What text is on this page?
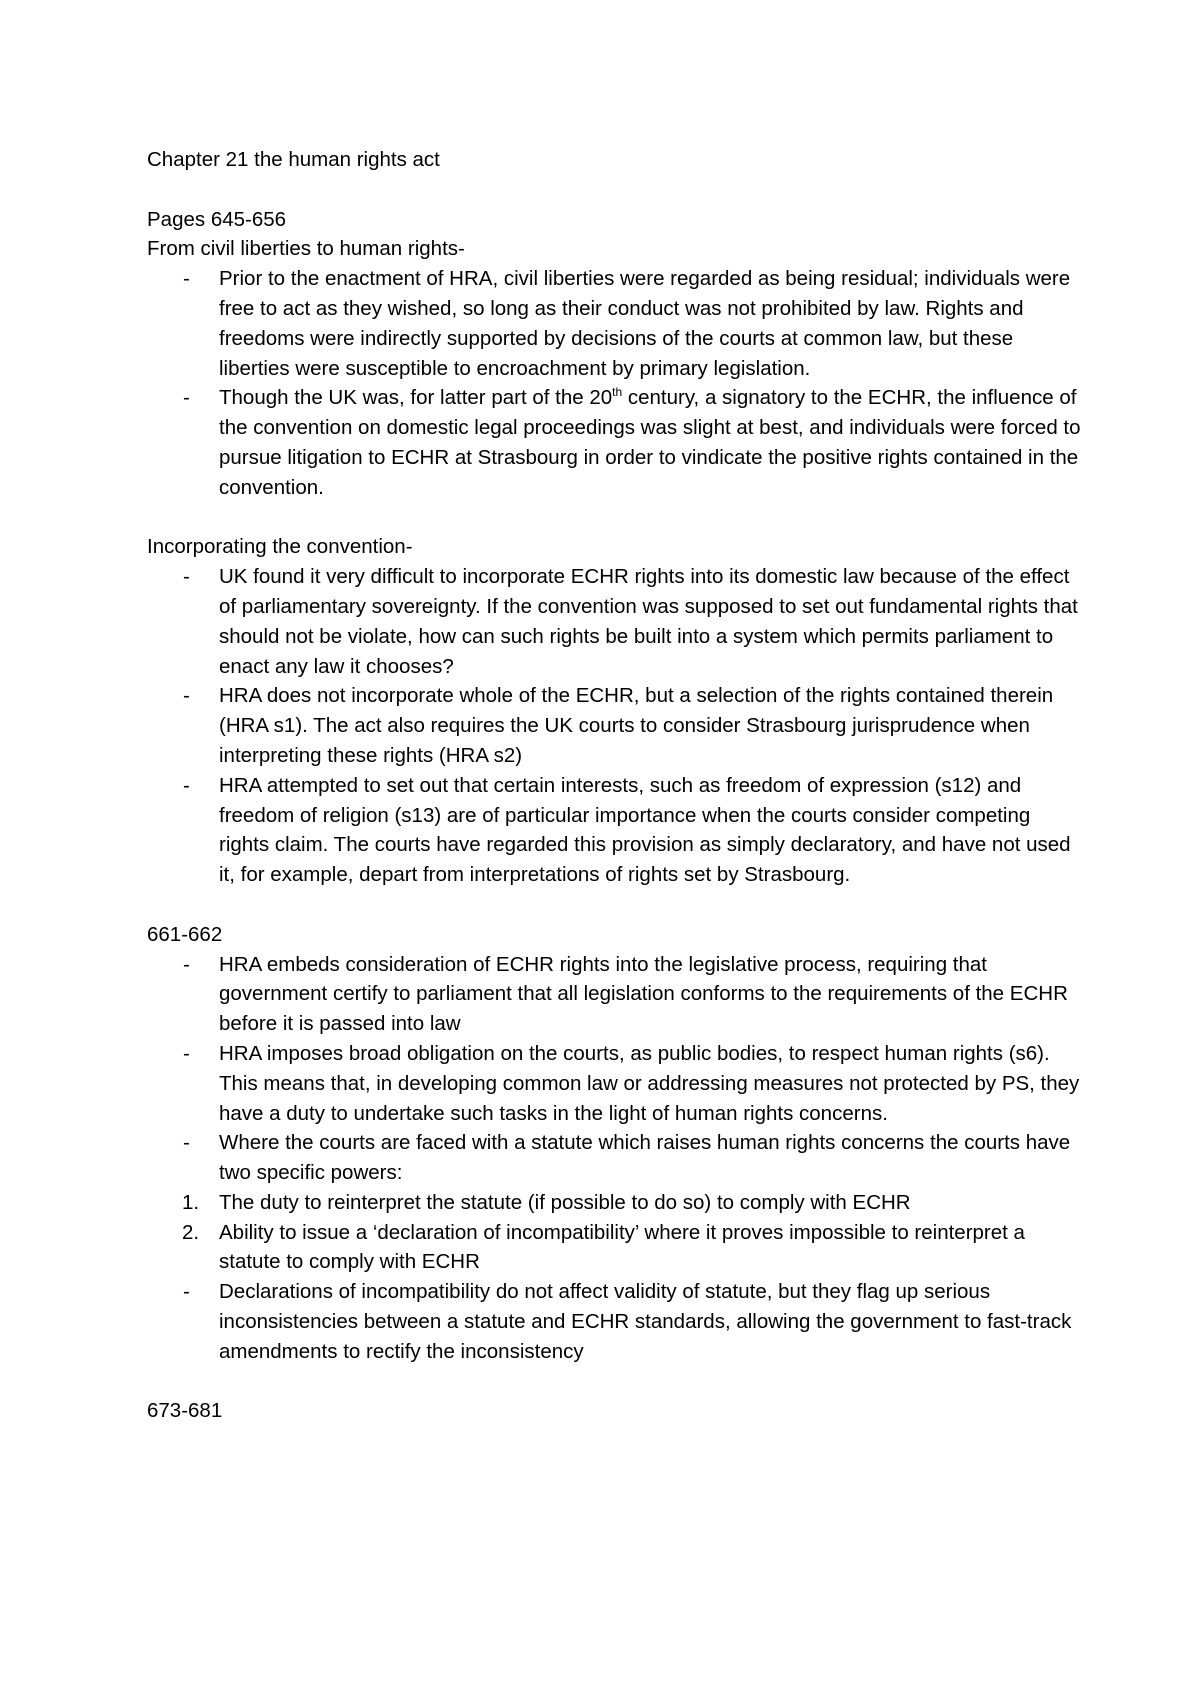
Chapter 21 the human rights act
Pages 645-656
From civil liberties to human rights-
-	Prior to the enactment of HRA, civil liberties were regarded as being residual; individuals were free to act as they wished, so long as their conduct was not prohibited by law. Rights and freedoms were indirectly supported by decisions of the courts at common law, but these liberties were susceptible to encroachment by primary legislation.
-	Though the UK was, for latter part of the 20th century, a signatory to the ECHR, the influence of the convention on domestic legal proceedings was slight at best, and individuals were forced to pursue litigation to ECHR at Strasbourg in order to vindicate the positive rights contained in the convention.
Incorporating the convention-
-	UK found it very difficult to incorporate ECHR rights into its domestic law because of the effect of parliamentary sovereignty. If the convention was supposed to set out fundamental rights that should not be violate, how can such rights be built into a system which permits parliament to enact any law it chooses?
-	HRA does not incorporate whole of the ECHR, but a selection of the rights contained therein (HRA s1). The act also requires the UK courts to consider Strasbourg jurisprudence when interpreting these rights (HRA s2)
-	HRA attempted to set out that certain interests, such as freedom of expression (s12) and freedom of religion (s13) are of particular importance when the courts consider competing rights claim. The courts have regarded this provision as simply declaratory, and have not used it, for example, depart from interpretations of rights set by Strasbourg.
661-662
-	HRA embeds consideration of ECHR rights into the legislative process, requiring that government certify to parliament that all legislation conforms to the requirements of the ECHR before it is passed into law
-	HRA imposes broad obligation on the courts, as public bodies, to respect human rights (s6). This means that, in developing common law or addressing measures not protected by PS, they have a duty to undertake such tasks in the light of human rights concerns.
-	Where the courts are faced with a statute which raises human rights concerns the courts have two specific powers:
1. The duty to reinterpret the statute (if possible to do so) to comply with ECHR
2. Ability to issue a ‘declaration of incompatibility’ where it proves impossible to reinterpret a statute to comply with ECHR
-	Declarations of incompatibility do not affect validity of statute, but they flag up serious inconsistencies between a statute and ECHR standards, allowing the government to fast-track amendments to rectify the inconsistency
673-681
